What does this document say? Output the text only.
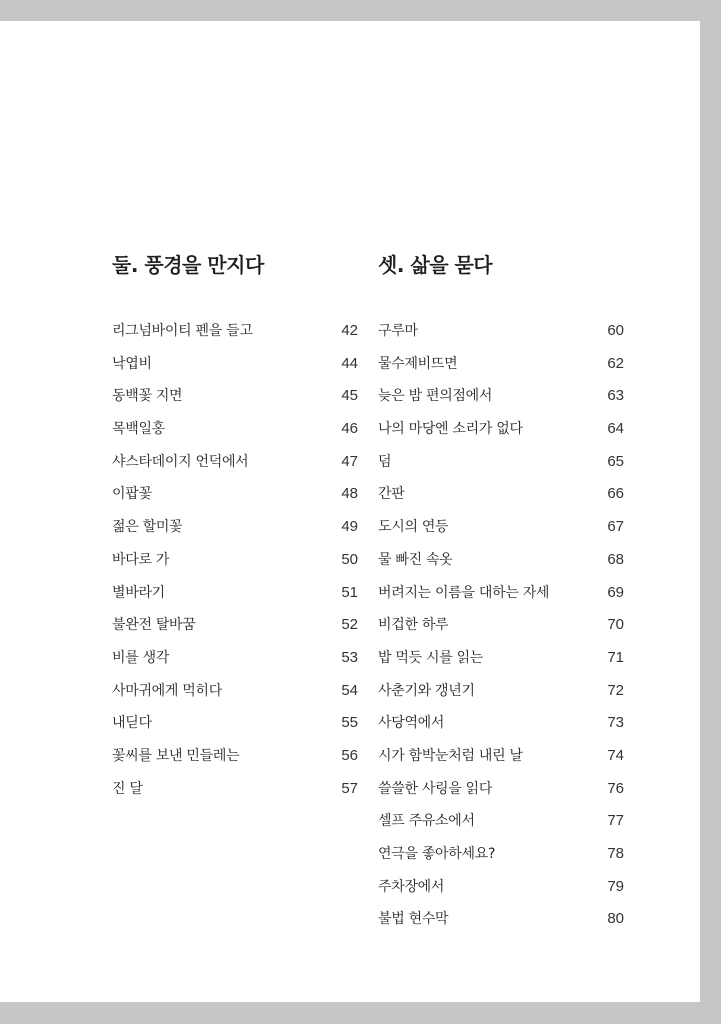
둘. 풍경을 만지다
리그넘바이티 펜을 들고	42
낙엽비	44
동백꽃 지면	45
목백일홍	46
샤스타데이지 언덕에서	47
이팝꽃	48
젊은 할미꽃	49
바다로 가	50
별바라기	51
불완전 탈바꿈	52
비를 생각	53
사마귀에게 먹히다	54
내딛다	55
꽃씨를 보낸 민들레는	56
진 달	57
셋. 삶을 묻다
구루마	60
물수제비뜨면	62
늦은 밤 편의점에서	63
나의 마당엔 소리가 없다	64
덤	65
간판	66
도시의 연등	67
물 빠진 속옷	68
버려지는 이름을 대하는 자세	69
비겁한 하루	70
밥 먹듯 시를 읽는	71
사춘기와 갱년기	72
사당역에서	73
시가 함박눈처럼 내린 날	74
쓸쓸한 사링을 읽다	76
셀프 주유소에서	77
연극을 좋아하세요?	78
주차장에서	79
불법 현수막	80
